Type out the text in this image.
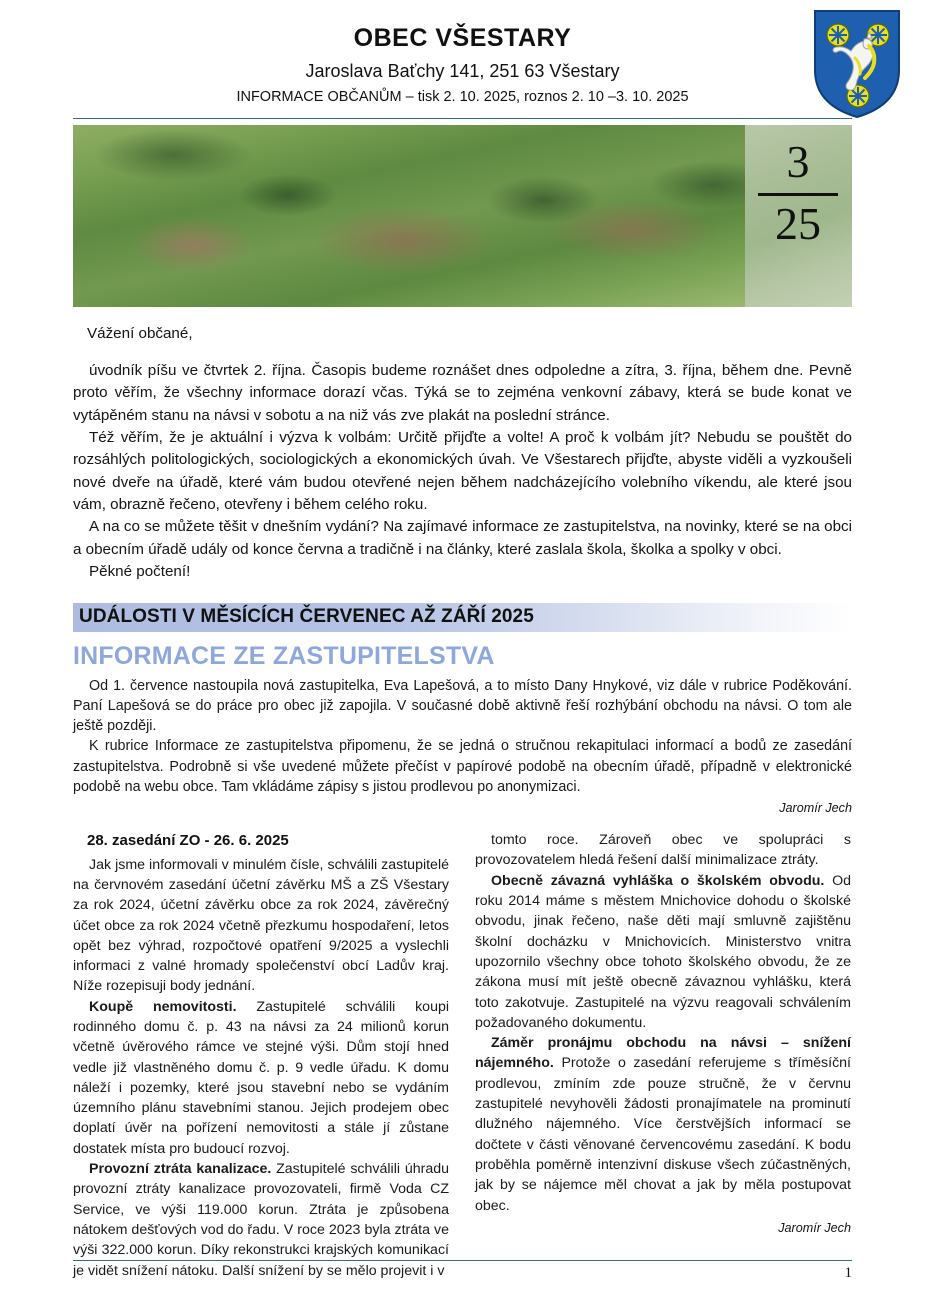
OBEC VŠESTARY
Jaroslava Baťchy 141, 251 63 Všestary
INFORMACE OBČANŮM – tisk 2. 10. 2025, roznos 2. 10 –3. 10. 2025
3
25

Vážení občané,

úvodník píšu ve čtvrtek 2. října. Časopis budeme roznášet dnes odpoledne a zítra, 3. října, během dne. Pevně proto věřím, že všechny informace dorazí včas. Týká se to zejména venkovní zábavy, která se bude konat ve vytápěném stanu na návsi v sobotu a na niž vás zve plakát na poslední stránce.

Též věřím, že je aktuální i výzva k volbám: Určitě přijďte a volte! A proč k volbám jít? Nebudu se pouštět do rozsáhlých politologických, sociologických a ekonomických úvah. Ve Všestarech přijďte, abyste viděli a vyzkoušeli nové dveře na úřadě, které vám budou otevřené nejen během nadcházejícího volebního víkendu, ale které jsou vám, obrazně řečeno, otevřeny i během celého roku.

A na co se můžete těšit v dnešním vydání? Na zajímavé informace ze zastupitelstva, na novinky, které se na obci a obecním úřadě udály od konce června a tradičně i na články, které zaslala škola, školka a spolky v obci.

Pěkné počtení!

UDÁLOSTI V MĚSÍCÍCH ČERVENEC AŽ ZÁŘÍ 2025
INFORMACE ZE ZASTUPITELSTVA

Od 1. července nastoupila nová zastupitelka, Eva Lapešová, a to místo Dany Hnykové, viz dále v rubrice Poděkování. Paní Lapešová se do práce pro obec již zapojila. V současné době aktivně řeší rozhýbání obchodu na návsi. O tom ale ještě později.

K rubrice Informace ze zastupitelstva připomenu, že se jedná o stručnou rekapitulaci informací a bodů ze zasedání zastupitelstva. Podrobně si vše uvedené můžete přečíst v papírové podobě na obecním úřadě, případně v elektronické podobě na webu obce. Tam vkládáme zápisy s jistou prodlevou po anonymizaci.

Jaromír Jech
28. zasedání ZO - 26. 6. 2025

Jak jsme informovali v minulém čísle, schválili zastupitelé na červnovém zasedání účetní závěrku MŠ a ZŠ Všestary za rok 2024, účetní závěrku obce za rok 2024, závěrečný účet obce za rok 2024 včetně přezkumu hospodaření, letos opět bez výhrad, rozpočtové opatření 9/2025 a vyslechli informaci z valné hromady společenství obcí Ladův kraj. Níže rozepisuji body jednání.

Koupě nemovitosti. Zastupitelé schválili koupi rodinného domu č. p. 43 na návsi za 24 milionů korun včetně úvěrového rámce ve stejné výši. Dům stojí hned vedle již vlastněného domu č. p. 9 vedle úřadu. K domu náleží i pozemky, které jsou stavební nebo se vydáním územního plánu stavebními stanou. Jejich prodejem obec doplatí úvěr na pořízení nemovitosti a stále jí zůstane dostatek místa pro budoucí rozvoj.

Provozní ztráta kanalizace. Zastupitelé schválili úhradu provozní ztráty kanalizace provozovateli, firmě Voda CZ Service, ve výši 119.000 korun. Ztráta je způsobena nátokem dešťových vod do řadu. V roce 2023 byla ztráta ve výši 322.000 korun. Díky rekonstrukci krajských komunikací je vidět snížení nátoku. Další snížení by se mělo projevit i v

tomto roce. Zároveň obec ve spolupráci s provozovatelem hledá řešení další minimalizace ztráty.

Obecně závazná vyhláška o školském obvodu. Od roku 2014 máme s městem Mnichovice dohodu o školské obvodu, jinak řečeno, naše děti mají smluvně zajištěnu školní docházku v Mnichovicích. Ministerstvo vnitra upozornilo všechny obce tohoto školského obvodu, že ze zákona musí mít ještě obecně závaznou vyhlášku, která toto zakotvuje. Zastupitelé na výzvu reagovali schválením požadovaného dokumentu.

Záměr pronájmu obchodu na návsi – snížení nájemného. Protože o zasedání referujeme s tříměsíční prodlevou, zmíním zde pouze stručně, že v červnu zastupitelé nevyhověli žádosti pronajímatele na prominutí dlužného nájemného. Více čerstvějších informací se dočtete v části věnované červencovému zasedání. K bodu proběhla poměrně intenzivní diskuse všech zúčastněných, jak by se nájemce měl chovat a jak by měla postupovat obec.

Jaromír Jech
1
